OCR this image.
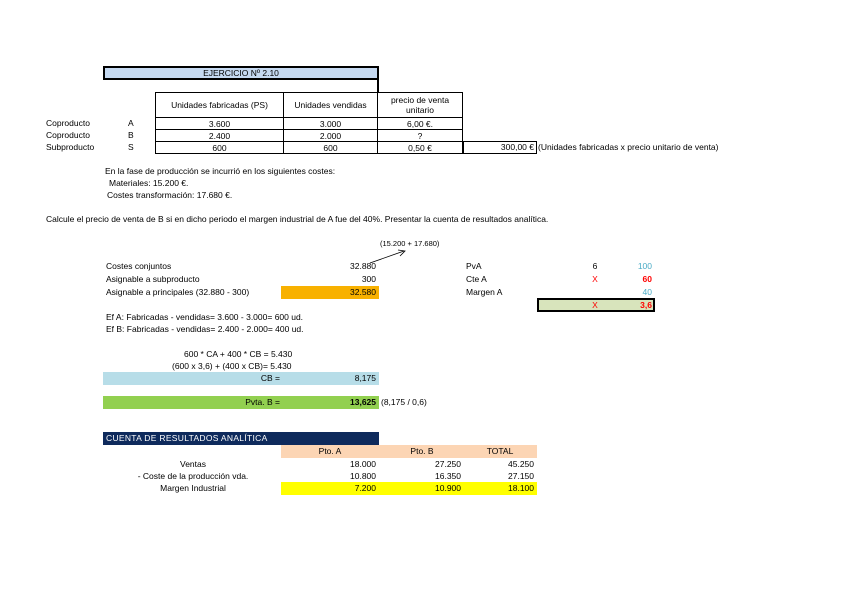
EJERCICIO Nº 2.10
Unidades fabricadas (PS)	Unidades vendidas	precio de venta unitario
Coproducto	A	3.600	3.000	6,00 €.
Coproducto	B	2.400	2.000	?
Subproducto	S	600	600	0,50 €	300,00 € (Unidades fabricadas x precio unitario de venta)
En la fase de producción se incurrió en los siguientes costes:
Materiales: 15.200 €.
Costes transformación: 17.680 €.
Calcule el precio de venta de B si en dicho periodo el margen industrial de A fue del 40%. Presentar la cuenta de resultados analítica.
(15.200 + 17.680)
Costes conjuntos	32.880
Asignable a subproducto	300
Asignable a principales (32.880 - 300)	32.580
PvA	6	100
Cte A	X	60
Margen A	40
X	3,6
Ef A: Fabricadas - vendidas= 3.600 - 3.000= 600 ud.
Ef B: Fabricadas - vendidas= 2.400 - 2.000= 400 ud.
600 * CA + 400 * CB = 5.430
(600 x 3,6) + (400 x CB)= 5.430
CB =	8,175
Pvta. B =	13,625 (8,175 / 0,6)
CUENTA DE RESULTADOS ANALÍTICA
Pto. A	Pto. B	TOTAL
Ventas	18.000	27.250	45.250
- Coste de la producción vda.	10.800	16.350	27.150
Margen Industrial	7.200	10.900	18.100
